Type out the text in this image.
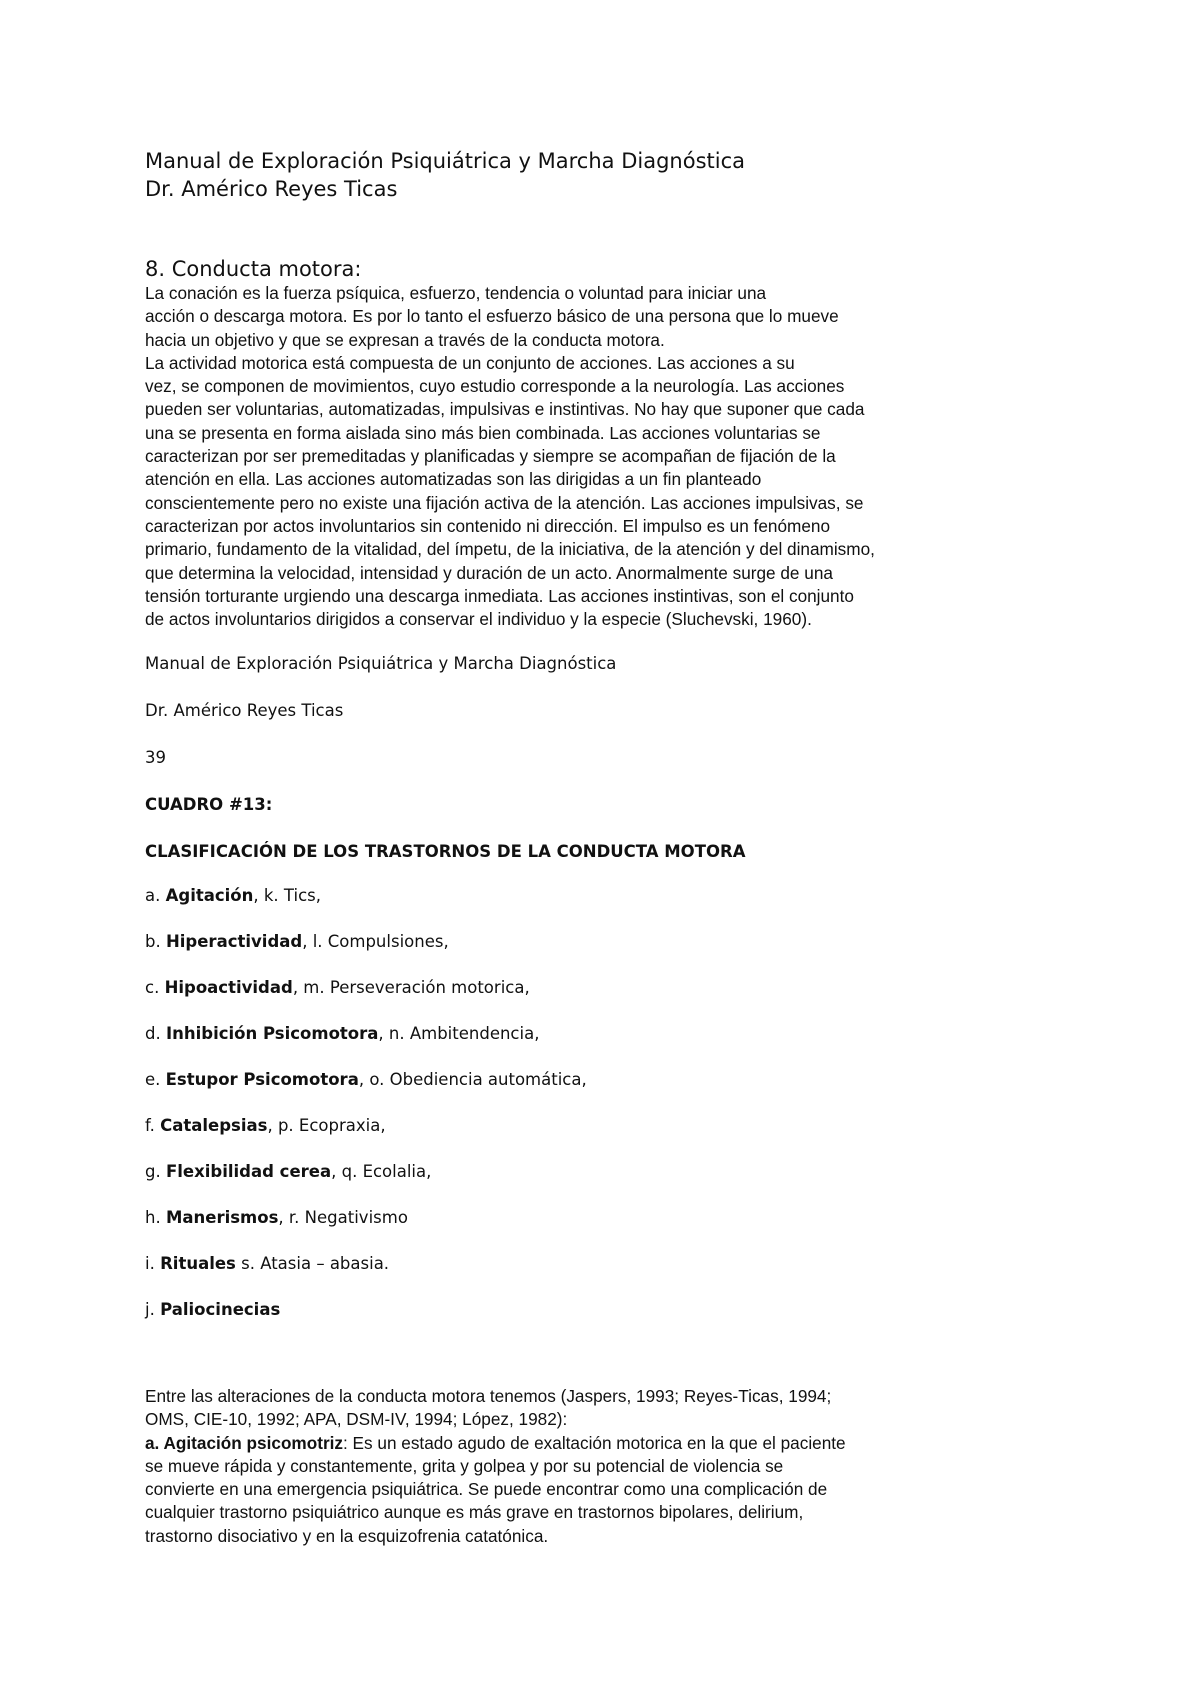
Manual de Exploración Psiquiátrica y Marcha Diagnóstica
Dr. Américo Reyes Ticas
8. Conducta motora:
La conación es la fuerza psíquica, esfuerzo, tendencia o voluntad para iniciar una
acción o descarga motora. Es por lo tanto el esfuerzo básico de una persona que lo mueve
hacia un objetivo y que se expresan a través de la conducta motora.
La actividad motorica está compuesta de un conjunto de acciones. Las acciones a su
vez, se componen de movimientos, cuyo estudio corresponde a la neurología. Las acciones
pueden ser voluntarias, automatizadas, impulsivas e instintivas. No hay que suponer que cada
una se presenta en forma aislada sino más bien combinada. Las acciones voluntarias se
caracterizan por ser premeditadas y planificadas y siempre se acompañan de fijación de la
atención en ella. Las acciones automatizadas son las dirigidas a un fin planteado
conscientemente pero no existe una fijación activa de la atención. Las acciones impulsivas, se
caracterizan por actos involuntarios sin contenido ni dirección. El impulso es un fenómeno
primario, fundamento de la vitalidad, del ímpetu, de la iniciativa, de la atención y del dinamismo,
que determina la velocidad, intensidad y duración de un acto. Anormalmente surge de una
tensión torturante urgiendo una descarga inmediata. Las acciones instintivas, son el conjunto
de actos involuntarios dirigidos a conservar el individuo y la especie (Sluchevski, 1960).
Manual de Exploración Psiquiátrica y Marcha Diagnóstica
Dr. Américo Reyes Ticas
39
CUADRO #13:
CLASIFICACIÓN DE LOS TRASTORNOS DE LA CONDUCTA MOTORA
a. Agitación, k. Tics,
b. Hiperactividad, l. Compulsiones,
c. Hipoactividad, m. Perseveración motorica,
d. Inhibición Psicomotora, n. Ambitendencia,
e. Estupor Psicomotora, o. Obediencia automática,
f. Catalepsias, p. Ecopraxia,
g. Flexibilidad cerea, q. Ecolalia,
h. Manerismos, r. Negativismo
i. Rituales s. Atasia – abasia.
j. Paliocinecias
Entre las alteraciones de la conducta motora tenemos (Jaspers, 1993; Reyes-Ticas, 1994;
OMS, CIE-10, 1992; APA, DSM-IV, 1994; López, 1982):
a. Agitación psicomotriz: Es un estado agudo de exaltación motorica en la que el paciente
se mueve rápida y constantemente, grita y golpea y por su potencial de violencia se
convierte en una emergencia psiquiátrica. Se puede encontrar como una complicación de
cualquier trastorno psiquiátrico aunque es más grave en trastornos bipolares, delirium,
trastorno disociativo y en la esquizofrenia catatónica.
